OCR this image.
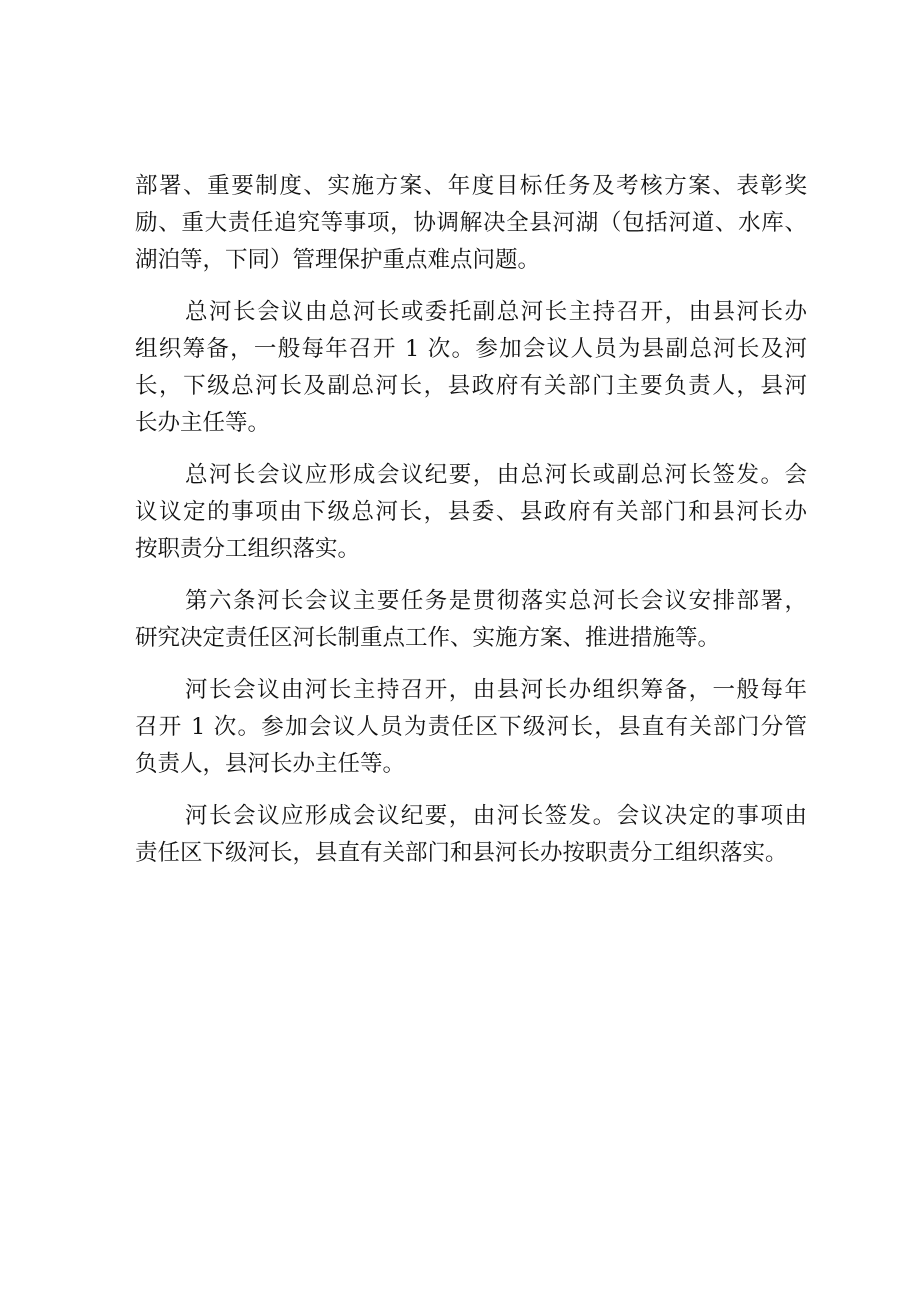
部署、重要制度、实施方案、年度目标任务及考核方案、表彰奖
励、重大责任追究等事项，协调解决全县河湖（包括河道、水库、
湖泊等，下同）管理保护重点难点问题。
总河长会议由总河长或委托副总河长主持召开，由县河长办
组织筹备，一般每年召开 1 次。参加会议人员为县副总河长及河
长，下级总河长及副总河长，县政府有关部门主要负责人，县河
长办主任等。
总河长会议应形成会议纪要，由总河长或副总河长签发。会
议议定的事项由下级总河长，县委、县政府有关部门和县河长办
按职责分工组织落实。
第六条河长会议主要任务是贯彻落实总河长会议安排部署，
研究决定责任区河长制重点工作、实施方案、推进措施等。
河长会议由河长主持召开，由县河长办组织筹备，一般每年
召开 1 次。参加会议人员为责任区下级河长，县直有关部门分管
负责人，县河长办主任等。
河长会议应形成会议纪要，由河长签发。会议决定的事项由
责任区下级河长，县直有关部门和县河长办按职责分工组织落实。
